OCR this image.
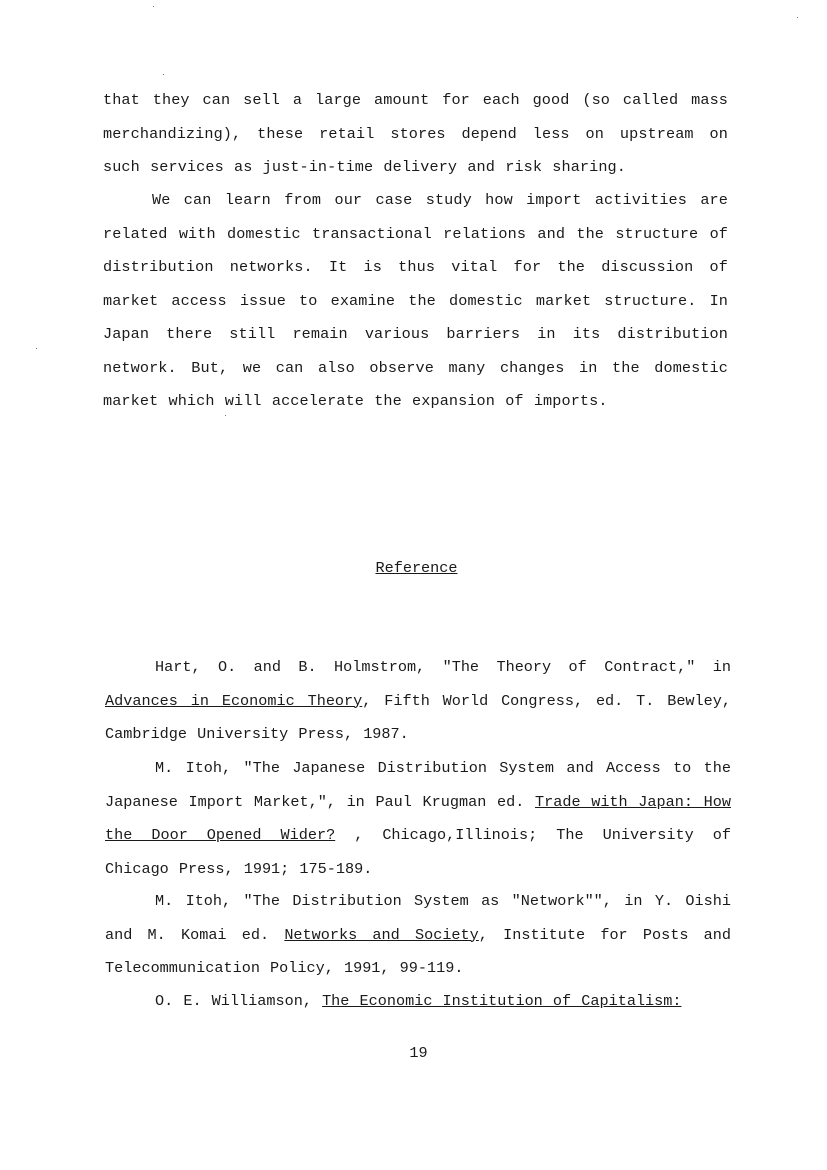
that they can sell a large amount for each good (so called mass merchandizing), these retail stores depend less on upstream on such services as just-in-time delivery and risk sharing.

We can learn from our case study how import activities are related with domestic transactional relations and the structure of distribution networks. It is thus vital for the discussion of market access issue to examine the domestic market structure. In Japan there still remain various barriers in its distribution network. But, we can also observe many changes in the domestic market which will accelerate the expansion of imports.

Reference

Hart, O. and B. Holmstrom, "The Theory of Contract," in Advances in Economic Theory, Fifth World Congress, ed. T. Bewley, Cambridge University Press, 1987.

M. Itoh, "The Japanese Distribution System and Access to the Japanese Import Market,", in Paul Krugman ed. Trade with Japan: How the Door Opened Wider? , Chicago,Illinois; The University of Chicago Press, 1991; 175-189.

M. Itoh, "The Distribution System as "Network"", in Y. Oishi and M. Komai ed. Networks and Society, Institute for Posts and Telecommunication Policy, 1991, 99-119.

O. E. Williamson, The Economic Institution of Capitalism:

19
